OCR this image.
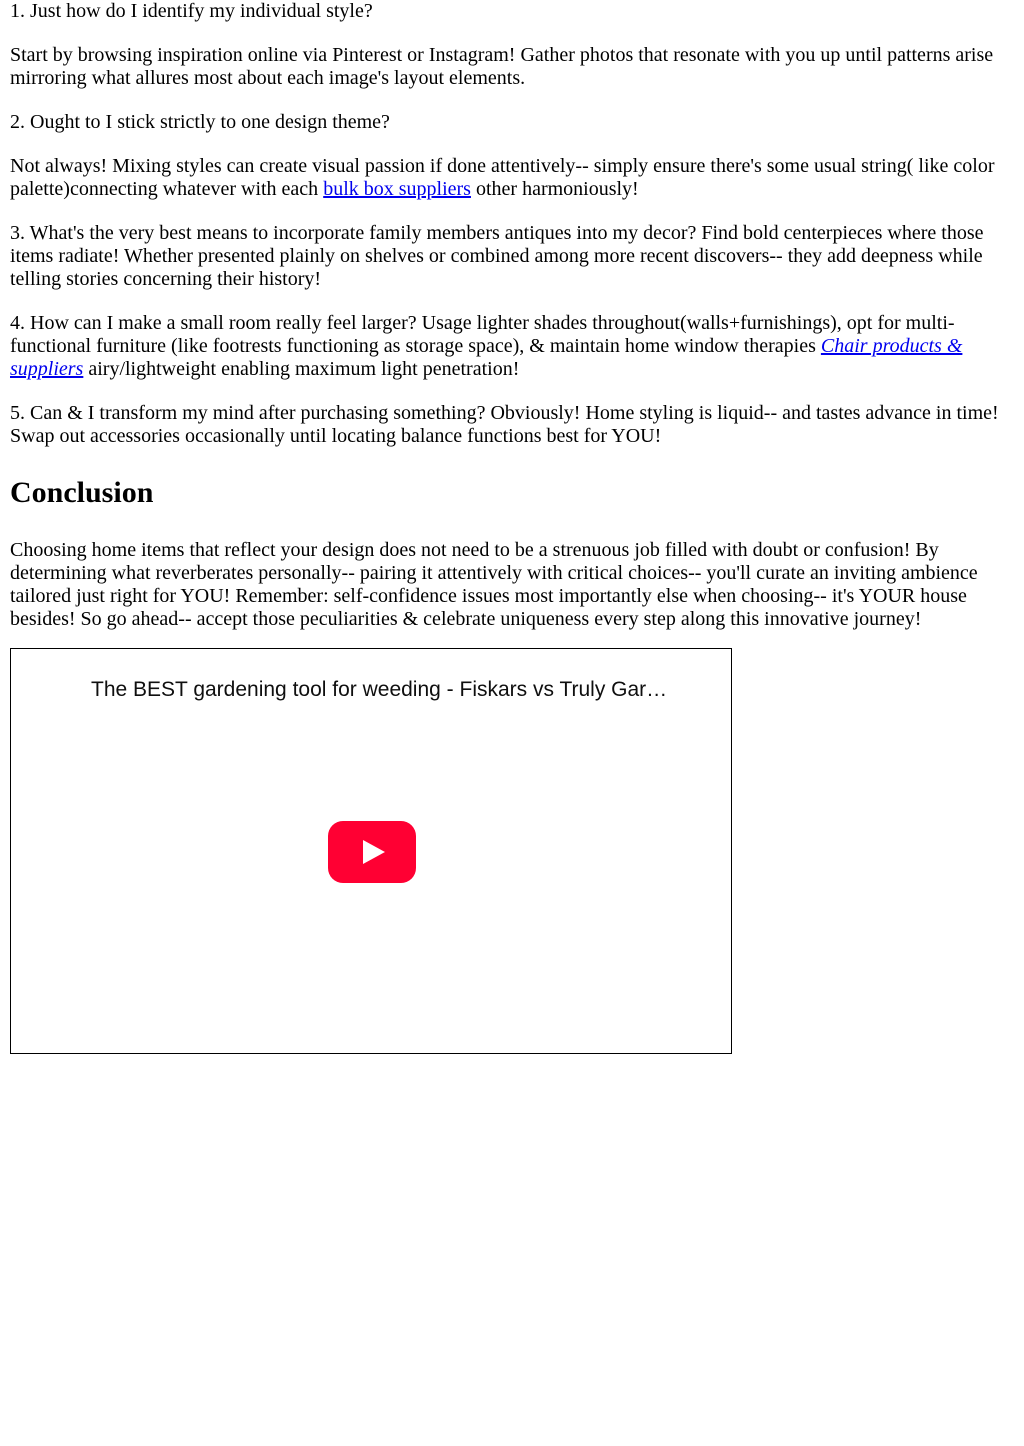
1. Just how do I identify my individual style?

Start by browsing inspiration online via Pinterest or Instagram! Gather photos that resonate with you up until patterns arise mirroring what allures most about each image's layout elements.

2. Ought to I stick strictly to one design theme?

Not always! Mixing styles can create visual passion if done attentively-- simply ensure there's some usual string( like color palette)connecting whatever with each bulk box suppliers other harmoniously!

3. What's the very best means to incorporate family members antiques into my decor? Find bold centerpieces where those items radiate! Whether presented plainly on shelves or combined among more recent discovers-- they add deepness while telling stories concerning their history!

4. How can I make a small room really feel larger? Usage lighter shades throughout(walls+furnishings), opt for multi-functional furniture (like footrests functioning as storage space), & maintain home window therapies Chair products & suppliers airy/lightweight enabling maximum light penetration!

5. Can & I transform my mind after purchasing something? Obviously! Home styling is liquid-- and tastes advance in time! Swap out accessories occasionally until locating balance functions best for YOU!

Conclusion

Choosing home items that reflect your design does not need to be a strenuous job filled with doubt or confusion! By determining what reverberates personally-- pairing it attentively with critical choices-- you'll curate an inviting ambience tailored just right for YOU! Remember: self-confidence issues most importantly else when choosing-- it's YOUR house besides! So go ahead-- accept those peculiarities & celebrate uniqueness every step along this innovative journey!

The BEST gardening tool for weeding - Fiskars vs Truly Gar…
